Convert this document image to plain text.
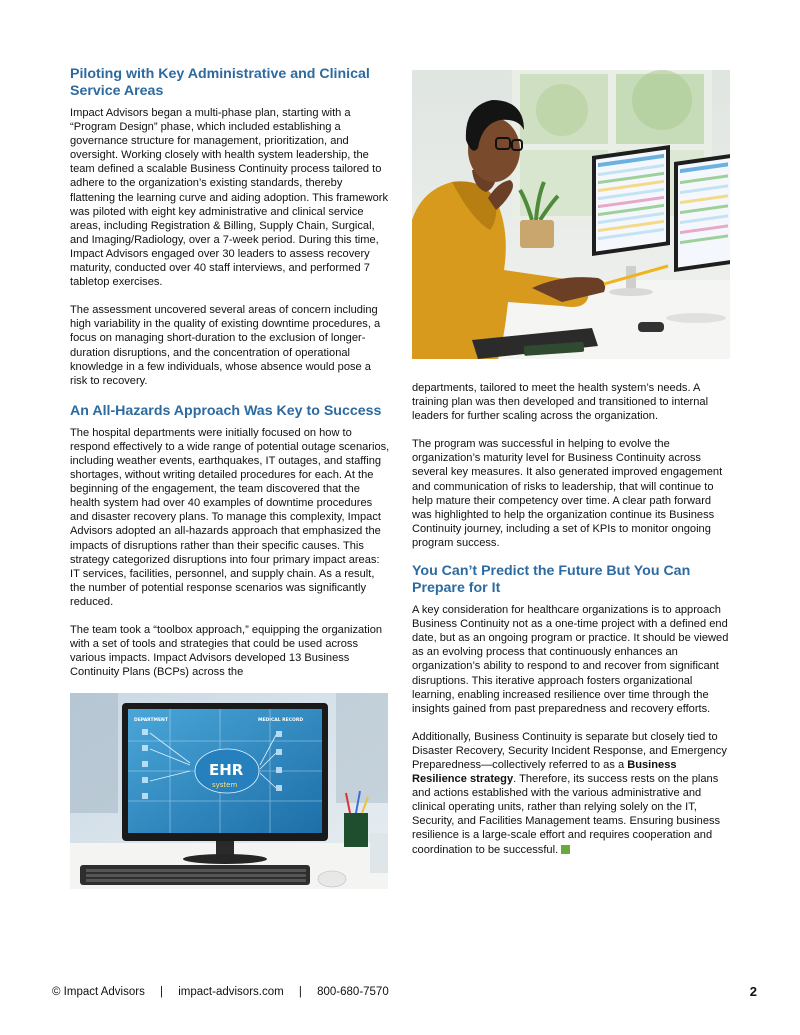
Piloting with Key Administrative and Clinical Service Areas

Impact Advisors began a multi-phase plan, starting with a “Program Design” phase, which included establishing a governance structure for management, prioritization, and oversight. Working closely with health system leadership, the team defined a scalable Business Continuity process tailored to adhere to the organization’s existing standards, thereby flattening the learning curve and aiding adoption. This framework was piloted with eight key administrative and clinical service areas, including Registration & Billing, Supply Chain, Surgical, and Imaging/Radiology, over a 7-week period. During this time, Impact Advisors engaged over 30 leaders to assess recovery maturity, conducted over 40 staff interviews, and performed 7 tabletop exercises.

The assessment uncovered several areas of concern including high variability in the quality of existing downtime procedures, a focus on managing short-duration to the exclusion of longer-duration disruptions, and the concentration of operational knowledge in a few individuals, whose absence would pose a risk to recovery.

An All-Hazards Approach Was Key to Success

The hospital departments were initially focused on how to respond effectively to a wide range of potential outage scenarios, including weather events, earthquakes, IT outages, and staffing shortages, without writing detailed procedures for each. At the beginning of the engagement, the team discovered that the health system had over 40 examples of downtime procedures and disaster recovery plans. To manage this complexity, Impact Advisors adopted an all-hazards approach that emphasized the impacts of disruptions rather than their specific causes. This strategy categorized disruptions into four primary impact areas: IT services, facilities, personnel, and supply chain. As a result, the number of potential response scenarios was significantly reduced.

The team took a “toolbox approach,” equipping the organization with a set of tools and strategies that could be used across various impacts. Impact Advisors developed 13 Business Continuity Plans (BCPs) across the

DEPARTMENT	MEDICAL RECORD
EHR
system

departments, tailored to meet the health system’s needs. A training plan was then developed and transitioned to internal leaders for further scaling across the organization.

The program was successful in helping to evolve the organization’s maturity level for Business Continuity across several key measures. It also generated improved engagement and communication of risks to leadership, that will continue to help mature their competency over time. A clear path forward was highlighted to help the organization continue its Business Continuity journey, including a set of KPIs to monitor ongoing program success.

You Can’t Predict the Future But You Can Prepare for It

A key consideration for healthcare organizations is to approach Business Continuity not as a one-time project with a defined end date, but as an ongoing program or practice. It should be viewed as an evolving process that continuously enhances an organization’s ability to respond to and recover from significant disruptions. This iterative approach fosters organizational learning, enabling increased resilience over time through the insights gained from past preparedness and recovery efforts.

Additionally, Business Continuity is separate but closely tied to Disaster Recovery, Security Incident Response, and Emergency Preparedness—collectively referred to as a Business Resilience strategy. Therefore, its success rests on the plans and actions established with the various administrative and clinical operating units, rather than relying solely on the IT, Security, and Facilities Management teams. Ensuring business resilience is a large-scale effort and requires cooperation and coordination to be successful.

© Impact Advisors | impact-advisors.com | 800-680-7570	2
